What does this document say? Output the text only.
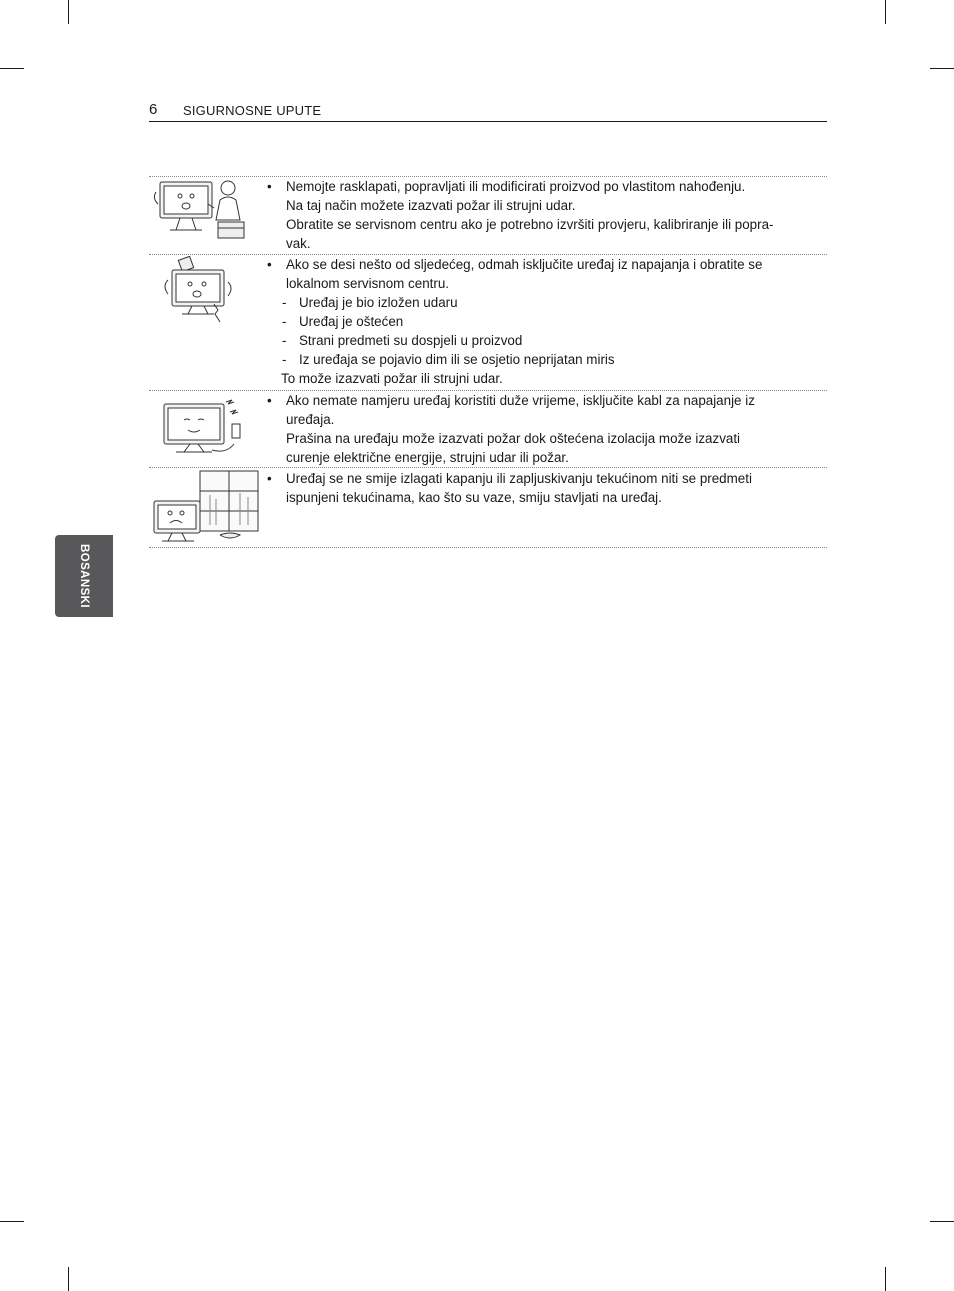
6 SIGURNOSNE UPUTE
BOSANSKI

• Nemojte rasklapati, popravljati ili modificirati proizvod po vlastitom nahođenju.

Na taj način možete izazvati požar ili strujni udar.

Obratite se servisnom centru ako je potrebno izvršiti provjeru, kalibriranje ili popra-

vak.

• Ako se desi nešto od sljedećeg, odmah isključite uređaj iz napajanja i obratite se

lokalnom servisnom centru.

- Uređaj je bio izložen udaru

- Uređaj je oštećen

- Strani predmeti su dospjeli u proizvod

- Iz uređaja se pojavio dim ili se osjetio neprijatan miris

To može izazvati požar ili strujni udar.

• Ako nemate namjeru uređaj koristiti duže vrijeme, isključite kabl za napajanje iz

uređaja.

Prašina na uređaju može izazvati požar dok oštećena izolacija može izazvati

curenje električne energije, strujni udar ili požar.

• Uređaj se ne smije izlagati kapanju ili zapljuskivanju tekućinom niti se predmeti

ispunjeni tekućinama, kao što su vaze, smiju stavljati na uređaj.
